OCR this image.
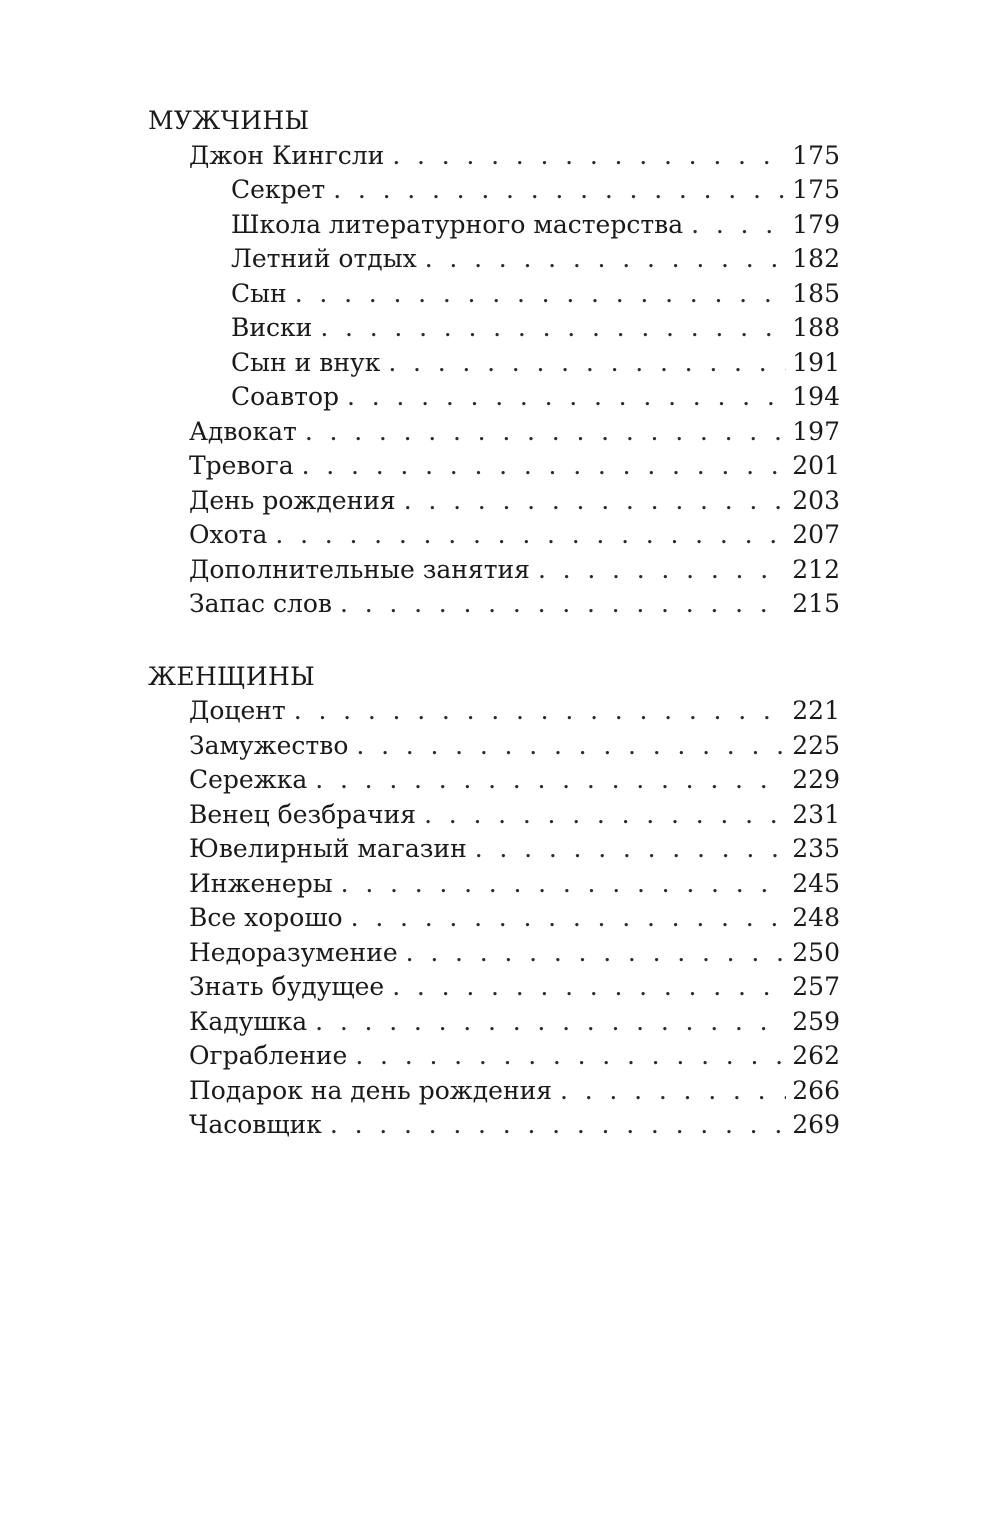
МУЖЧИНЫ
Джон Кингсли . . .	175
Секрет . . .	175
Школа литературного мастерства . . .	179
Летний отдых . . .	182
Сын . . .	185
Виски . . .	188
Сын и внук . . .	191
Соавтор . . .	194
Адвокат . . .	197
Тревога . . .	201
День рождения . . .	203
Охота . . .	207
Дополнительные занятия . . .	212
Запас слов . . .	215
ЖЕНЩИНЫ
Доцент . . .	221
Замужество . . .	225
Сережка . . .	229
Венец безбрачия . . .	231
Ювелирный магазин . . .	235
Инженеры . . .	245
Все хорошо . . .	248
Недоразумение . . .	250
Знать будущее . . .	257
Кадушка . . .	259
Ограбление . . .	262
Подарок на день рождения . . .	266
Часовщик . . .	269
